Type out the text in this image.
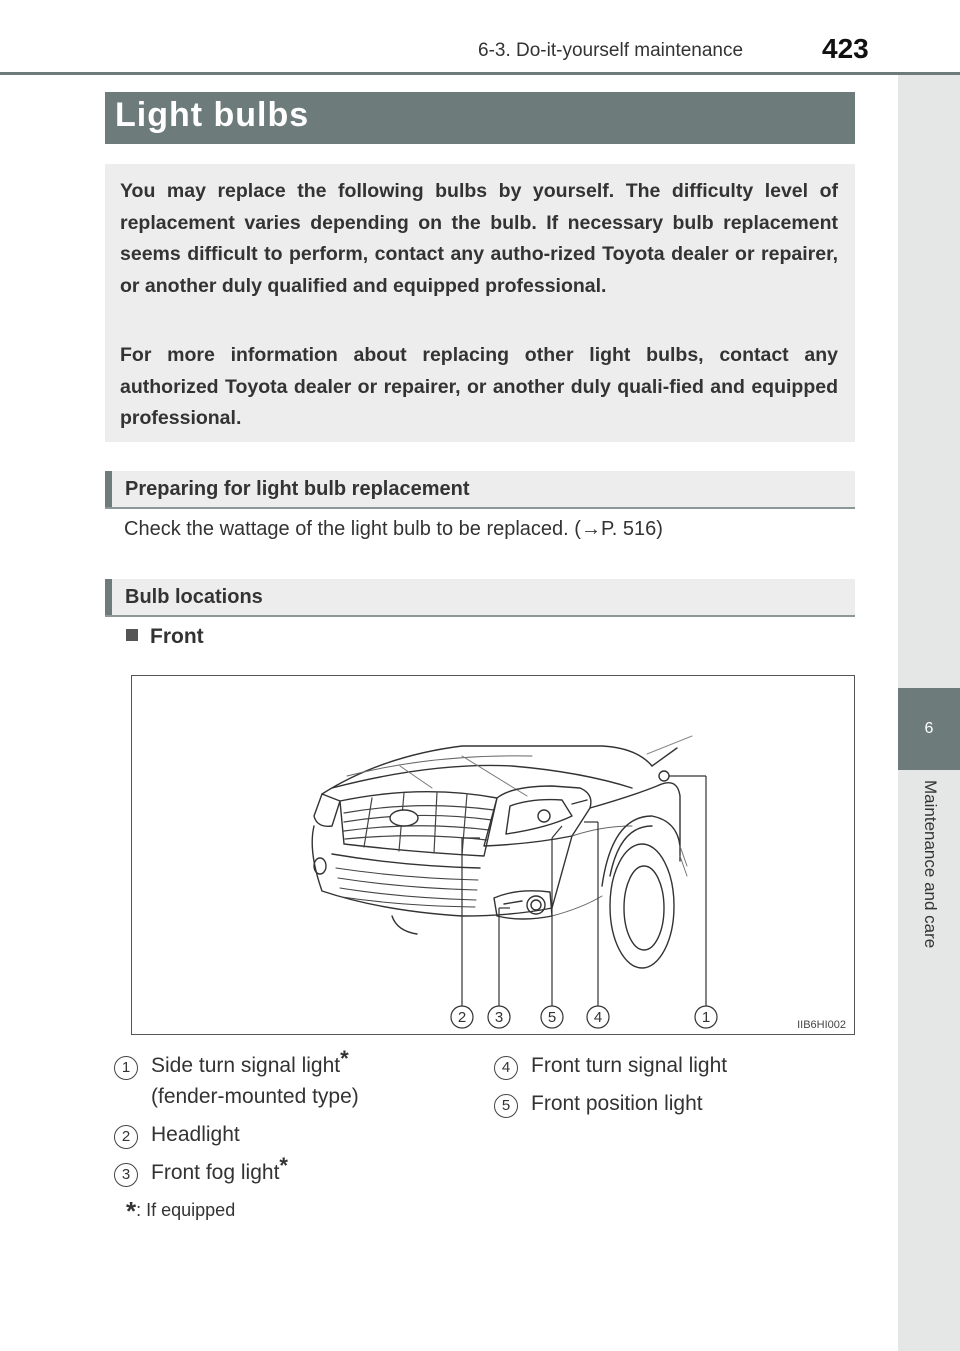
6-3. Do-it-yourself maintenance	423
6
Maintenance and care
Light bulbs

You may replace the following bulbs by yourself. The difficulty level of replacement varies depending on the bulb. If necessary bulb replacement seems difficult to perform, contact any autho-rized Toyota dealer or repairer, or another duly qualified and equipped professional.

For more information about replacing other light bulbs, contact any authorized Toyota dealer or repairer, or another duly quali-fied and equipped professional.

Preparing for light bulb replacement
Check the wattage of the light bulb to be replaced. (→P. 516)
Bulb locations
Front
2 3	5	4	1	IIB6HI002
1 Side turn signal light*
(fender-mounted type)
2 Headlight
3 Front fog light*
4 Front turn signal light
5 Front position light
*: If equipped
